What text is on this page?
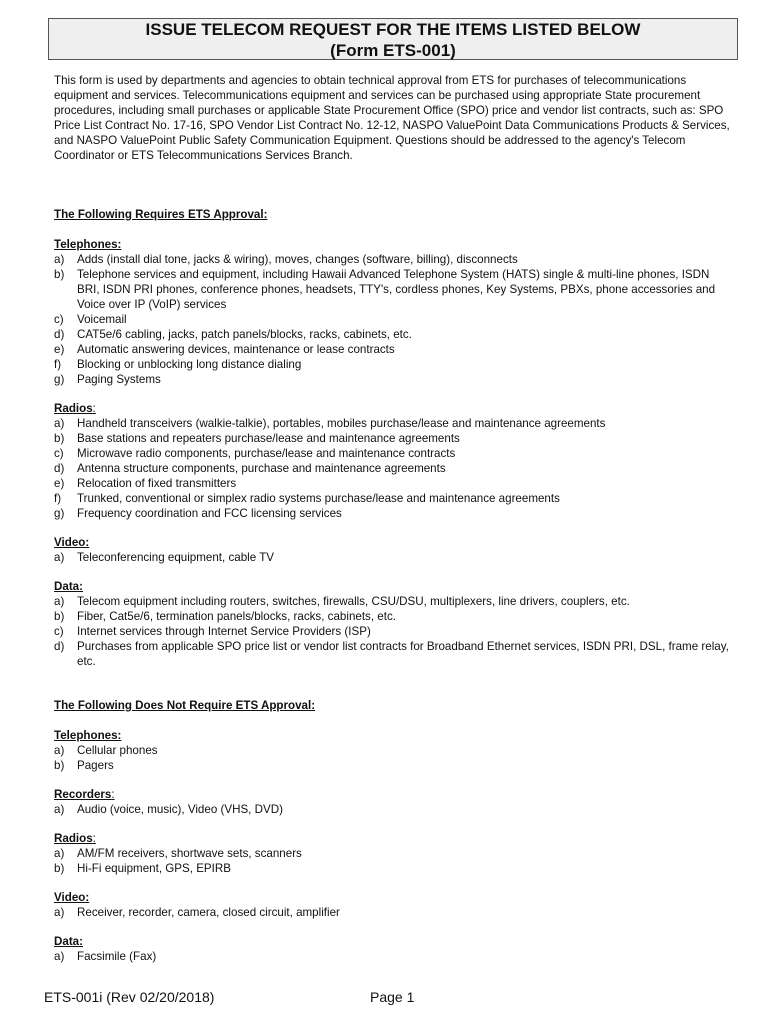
ISSUE TELECOM REQUEST FOR THE ITEMS LISTED BELOW
(Form ETS-001)

This form is used by departments and agencies to obtain technical approval from ETS for purchases of telecommunications equipment and services. Telecommunications equipment and services can be purchased using appropriate State procurement procedures, including small purchases or applicable State Procurement Office (SPO) price and vendor list contracts, such as: SPO Price List Contract No. 17-16, SPO Vendor List Contract No. 12-12, NASPO ValuePoint Data Communications Products & Services, and NASPO ValuePoint Public Safety Communication Equipment. Questions should be addressed to the agency's Telecom Coordinator or ETS Telecommunications Services Branch.

The Following Requires ETS Approval:

Telephones:

a) Adds (install dial tone, jacks & wiring), moves, changes (software, billing), disconnects
b) Telephone services and equipment, including Hawaii Advanced Telephone System (HATS) single & multi-line phones, ISDN BRI, ISDN PRI phones, conference phones, headsets, TTY's, cordless phones, Key Systems, PBXs, phone accessories and Voice over IP (VoIP) services
c) Voicemail
d) CAT5e/6 cabling, jacks, patch panels/blocks, racks, cabinets, etc.
e) Automatic answering devices, maintenance or lease contracts
f) Blocking or unblocking long distance dialing
g) Paging Systems

Radios:

a) Handheld transceivers (walkie-talkie), portables, mobiles purchase/lease and maintenance agreements
b) Base stations and repeaters purchase/lease and maintenance agreements
c) Microwave radio components, purchase/lease and maintenance contracts
d) Antenna structure components, purchase and maintenance agreements
e) Relocation of fixed transmitters
f) Trunked, conventional or simplex radio systems purchase/lease and maintenance agreements
g) Frequency coordination and FCC licensing services

Video:

a) Teleconferencing equipment, cable TV

Data:

a) Telecom equipment including routers, switches, firewalls, CSU/DSU, multiplexers, line drivers, couplers, etc.
b) Fiber, Cat5e/6, termination panels/blocks, racks, cabinets, etc.
c) Internet services through Internet Service Providers (ISP)
d) Purchases from applicable SPO price list or vendor list contracts for Broadband Ethernet services, ISDN PRI, DSL, frame relay, etc.

The Following Does Not Require ETS Approval:

Telephones:

a) Cellular phones
b) Pagers

Recorders:

a) Audio (voice, music), Video (VHS, DVD)

Radios:

a) AM/FM receivers, shortwave sets, scanners
b) Hi-Fi equipment, GPS, EPIRB

Video:

a) Receiver, recorder, camera, closed circuit, amplifier

Data:

a) Facsimile (Fax)
ETS-001i (Rev 02/20/2018)	Page 1
